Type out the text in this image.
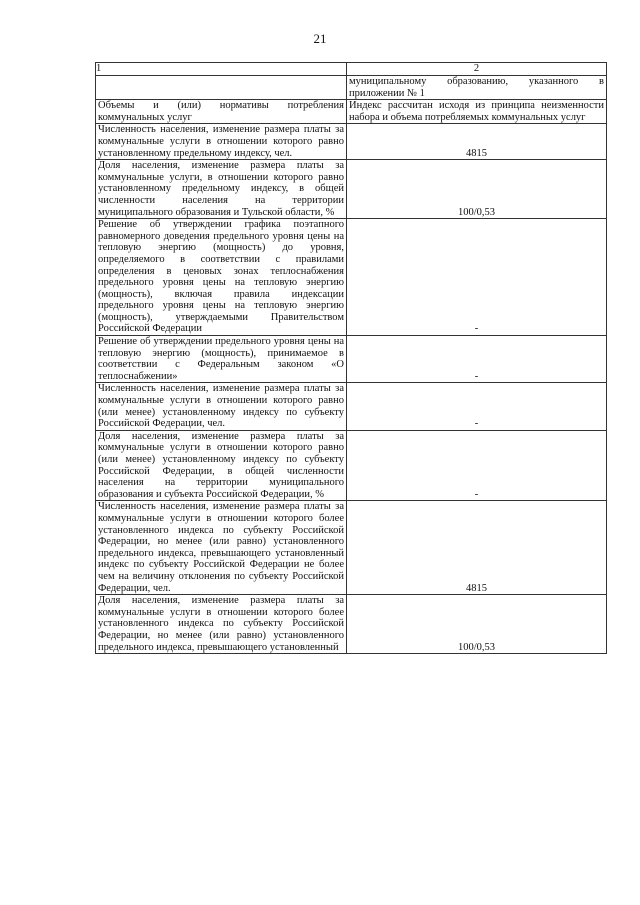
21
1	2
	муниципальному образованию, указанного в приложении № 1
Объемы и (или) нормативы потребления коммунальных услуг	Индекс рассчитан исходя из принципа неизменности набора и объема потребляемых коммунальных услуг
Численность населения, изменение размера платы за коммунальные услуги в отношении которого равно установленному предельному индексу, чел.	4815
Доля населения, изменение размера платы за коммунальные услуги, в отношении которого равно установленному предельному индексу, в общей численности населения на территории муниципального образования и Тульской области, %	100/0,53
Решение об утверждении графика поэтапного равномерного доведения предельного уровня цены на тепловую энергию (мощность) до уровня, определяемого в соответствии с правилами определения в ценовых зонах теплоснабжения предельного уровня цены на тепловую энергию (мощность), включая правила индексации предельного уровня цены на тепловую энергию (мощность), утверждаемыми Правительством Российской Федерации	-
Решение об утверждении предельного уровня цены на тепловую энергию (мощность), принимаемое в соответствии с Федеральным законом «О теплоснабжении»	-
Численность населения, изменение размера платы за коммунальные услуги в отношении которого равно (или менее) установленному индексу по субъекту Российской Федерации, чел.	-
Доля населения, изменение размера платы за коммунальные услуги в отношении которого равно (или менее) установленному индексу по субъекту Российской Федерации, в общей численности населения на территории муниципального образования и субъекта Российской Федерации, %	-
Численность населения, изменение размера платы за коммунальные услуги в отношении которого более установленного индекса по субъекту Российской Федерации, но менее (или равно) установленного предельного индекса, превышающего установленный индекс по субъекту Российской Федерации не более чем на величину отклонения по субъекту Российской Федерации, чел.	4815
Доля населения, изменение размера платы за коммунальные услуги в отношении которого более установленного индекса по субъекту Российской Федерации, но менее (или равно) установленного предельного индекса, превышающего установленный	100/0,53
